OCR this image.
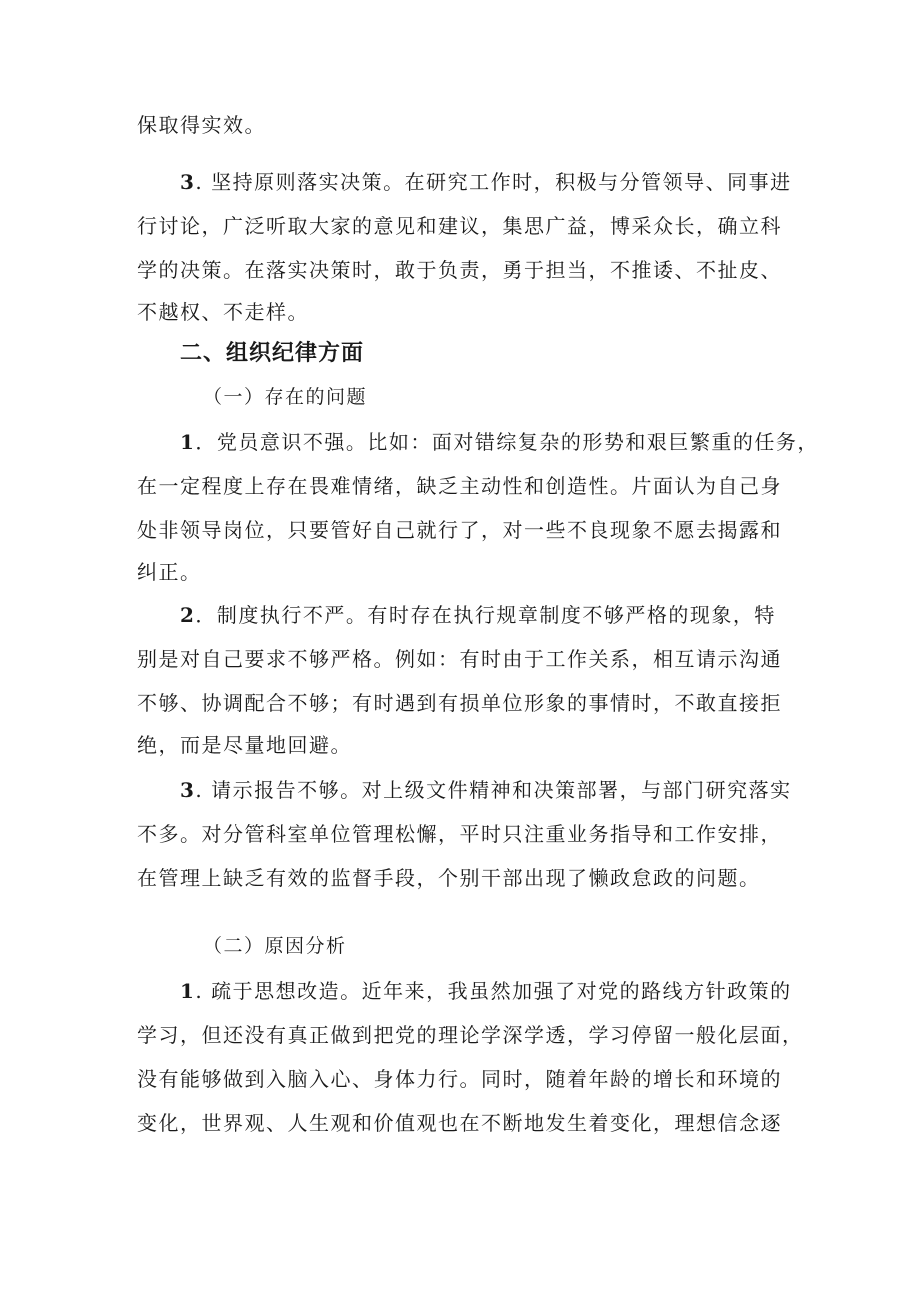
保取得实效。
3. 坚持原则落实决策。在研究工作时，积极与分管领导、同事进
行讨论，广泛听取大家的意见和建议，集思广益，博采众长，确立科
学的决策。在落实决策时，敢于负责，勇于担当，不推诿、不扯皮、
不越权、不走样。
二、组织纪律方面
（一）存在的问题
1．党员意识不强。比如：面对错综复杂的形势和艰巨繁重的任务，
在一定程度上存在畏难情绪，缺乏主动性和创造性。片面认为自己身
处非领导岗位，只要管好自己就行了，对一些不良现象不愿去揭露和
纠正。
2．制度执行不严。有时存在执行规章制度不够严格的现象，特
别是对自己要求不够严格。例如：有时由于工作关系，相互请示沟通
不够、协调配合不够；有时遇到有损单位形象的事情时，不敢直接拒
绝，而是尽量地回避。
3. 请示报告不够。对上级文件精神和决策部署，与部门研究落实
不多。对分管科室单位管理松懈，平时只注重业务指导和工作安排，
在管理上缺乏有效的监督手段，个别干部出现了懒政怠政的问题。
（二）原因分析
1. 疏于思想改造。近年来，我虽然加强了对党的路线方针政策的
学习，但还没有真正做到把党的理论学深学透，学习停留一般化层面，
没有能够做到入脑入心、身体力行。同时，随着年龄的增长和环境的
变化，世界观、人生观和价值观也在不断地发生着变化，理想信念逐
